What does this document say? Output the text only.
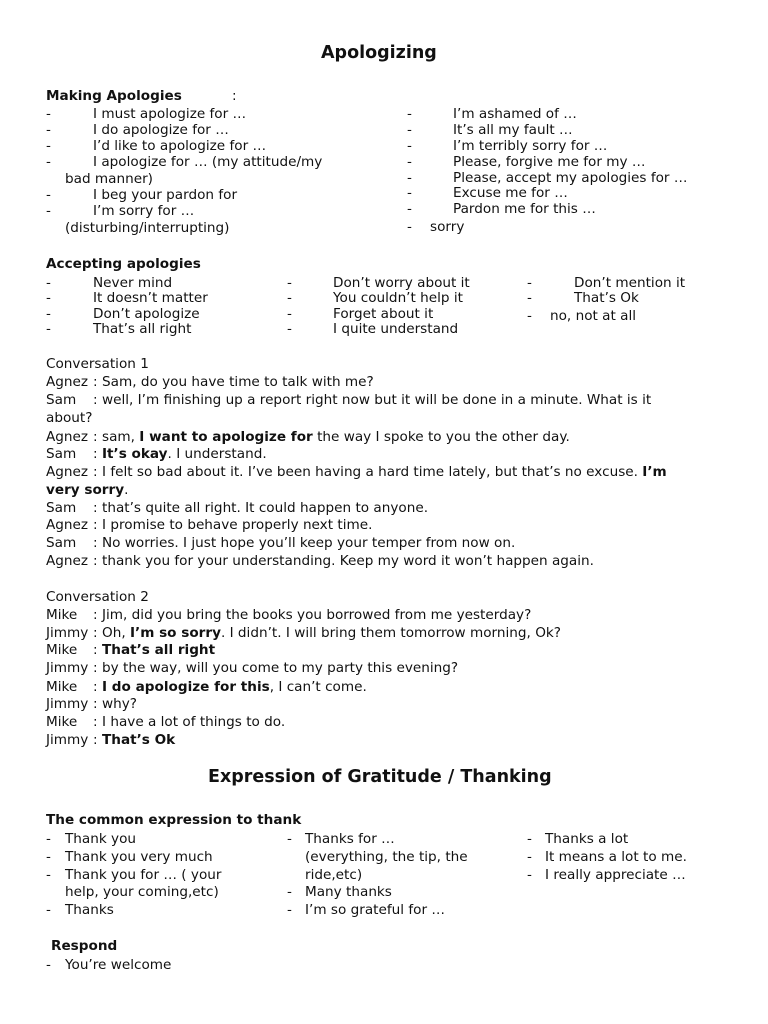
Apologizing
Making Apologies	:
-	I must apologize for …
-	I do apologize for …
-	I’d like to apologize for …
-	I apologize for … (my attitude/my
bad manner)
-	I beg your pardon for
-	I’m sorry for …
(disturbing/interrupting)
-	I’m ashamed of …
-	It’s all my fault …
-	I’m terribly sorry for …
-	Please, forgive me for my …
-	Please, accept my apologies for …
-	Excuse me for …
-	Pardon me for this …
- sorry
Accepting apologies
-	Never mind
-	It doesn’t matter
-	Don’t apologize
-	That’s all right
-	Don’t worry about it
-	You couldn’t help it
-	Forget about it
-	I quite understand
-	Don’t mention it
-	That’s Ok
- no, not at all
Conversation 1
Agnez : Sam, do you have time to talk with me?
Sam : well, I’m finishing up a report right now but it will be done in a minute. What is it
about?
Agnez : sam, I want to apologize for the way I spoke to you the other day.
Sam : It’s okay. I understand.
Agnez : I felt so bad about it. I’ve been having a hard time lately, but that’s no excuse. I’m
very sorry.
Sam : that’s quite all right. It could happen to anyone.
Agnez : I promise to behave properly next time.
Sam : No worries. I just hope you’ll keep your temper from now on.
Agnez : thank you for your understanding. Keep my word it won’t happen again.
Conversation 2
Mike : Jim, did you bring the books you borrowed from me yesterday?
Jimmy : Oh, I’m so sorry. I didn’t. I will bring them tomorrow morning, Ok?
Mike : That’s all right
Jimmy : by the way, will you come to my party this evening?
Mike : I do apologize for this, I can’t come.
Jimmy : why?
Mike : I have a lot of things to do.
Jimmy : That’s Ok
Expression of Gratitude / Thanking
The common expression to thank
- Thank you
- Thank you very much
- Thank you for … ( your
help, your coming,etc)
- Thanks
- Thanks for …
(everything, the tip, the
ride,etc)
- Many thanks
- I’m so grateful for …
- Thanks a lot
- It means a lot to me.
- I really appreciate …
Respond
- You’re welcome
